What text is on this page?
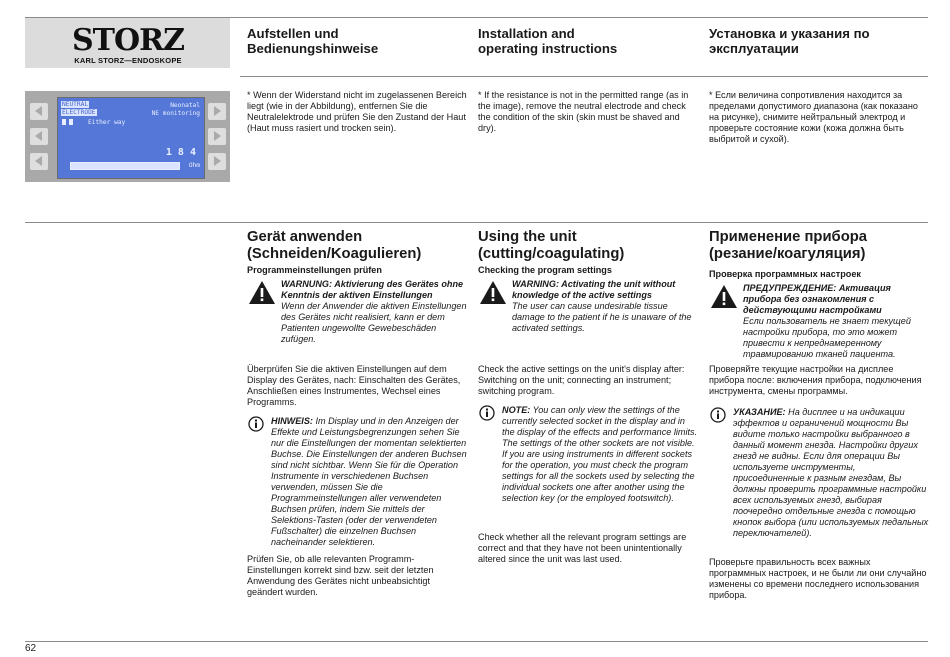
STORZ
KARL STORZ—ENDOSKOPE
Aufstellen und
Bedienungshinweise

* Wenn der Widerstand nicht im zugelassenen Bereich liegt (wie in der Abbildung), entfernen Sie die Neutralelektrode und prüfen Sie den Zustand der Haut (Haut muss rasiert und trocken sein).

Installation and
operating instructions

* If the resistance is not in the permitted range (as in the image), remove the neutral electrode and check the condition of the skin (skin must be shaved and dry).

Установка и указания по
эксплуатации

* Если величина сопротивления находится за пределами допустимого диапазона (как показано на рисунке), снимите нейтральный электрод и проверьте состояние кожи (кожа должна быть выбритой и сухой).

NEUTRAL
ELECTRODE
Either way
Neonatal
NE monitoring
1 8 4
Ohm
Gerät anwenden
(Schneiden/Koagulieren)
Programmeinstellungen prüfen
WARNUNG: Aktivierung des Gerätes ohne Kenntnis der aktiven Einstellungen
Wenn der Anwender die aktiven Einstellungen des Gerätes nicht realisiert, kann er dem Patienten ungewollte Gewebeschäden zufügen.

Überprüfen Sie die aktiven Einstellungen auf dem Display des Gerätes, nach: Einschalten des Gerätes, Anschließen eines Instrumentes, Wechsel eines Programms.

HINWEIS: Im Display und in den Anzeigen der Effekte und Leistungsbegrenzungen sehen Sie nur die Einstellungen der momentan selektierten Buchse. Die Einstellungen der anderen Buchsen sind nicht sichtbar. Wenn Sie für die Operation Instrumente in verschiedenen Buchsen verwenden, müssen Sie die Programmeinstellungen aller verwendeten Buchsen prüfen, indem Sie mittels der Selektions-Tasten (oder der verwendeten Fußschalter) die einzelnen Buchsen nacheinander selektieren.

Prüfen Sie, ob alle relevanten Programm-Einstellungen korrekt sind bzw. seit der letzten Anwendung des Gerätes nicht unbeabsichtigt geändert wurden.

Using the unit
(cutting/coagulating)
Checking the program settings
WARNING: Activating the unit without knowledge of the active settings
The user can cause undesirable tissue damage to the patient if he is unaware of the activated settings.

Check the active settings on the unit's display after: Switching on the unit; connecting an instrument; switching program.

NOTE: You can only view the settings of the currently selected socket in the display and in the display of the effects and performance limits. The settings of the other sockets are not visible. If you are using instruments in different sockets for the operation, you must check the program settings for all the sockets used by selecting the individual sockets one after another using the selection key (or the employed footswitch).

Check whether all the relevant program settings are correct and that they have not been unintentionally altered since the unit was last used.

Применение прибора
(резание/коагуляция)
Проверка программных настроек
ПРЕДУПРЕЖДЕНИЕ: Активация прибора без ознакомления с действующими настройками
Если пользователь не знает текущей настройки прибора, то это может привести к непреднамеренному травмированию тканей пациента.

Проверяйте текущие настройки на дисплее прибора после: включения прибора, подключения инструмента, смены программы.

УКАЗАНИЕ: На дисплее и на индикации эффектов и ограничений мощности Вы видите только настройки выбранного в данный момент гнезда. Настройки других гнезд не видны. Если для операции Вы используете инструменты, присоединенные к разным гнездам, Вы должны проверить программные настройки всех используемых гнезд, выбирая поочередно отдельные гнезда с помощью кнопок выбора (или используемых педальных переключателей).

Проверьте правильность всех важных программных настроек, и не были ли они случайно изменены со времени последнего использования прибора.

62
